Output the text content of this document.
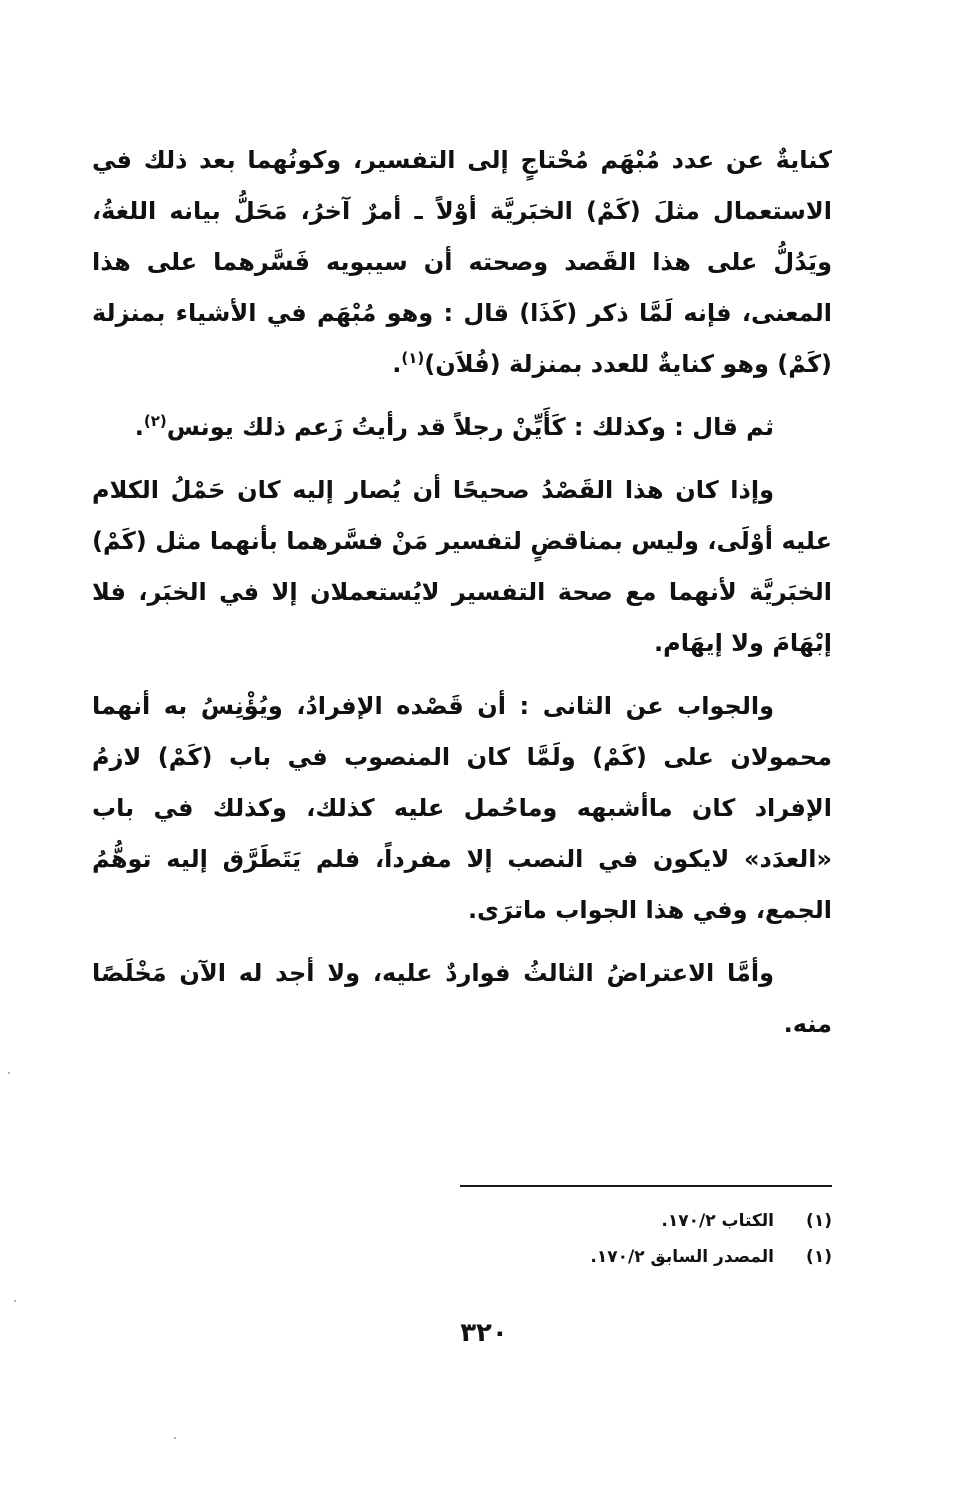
كنايةٌ عن عدد مُبْهَم مُحْتاجٍ إلى التفسير، وكونُهما بعد ذلك في الاستعمال مثلَ (كَمْ) الخبَريَّة أوْلاً ـ أمرٌ آخرُ، مَحَلُّ بيانه اللغةُ، ويَدُلُّ على هذا القَصد وصحته أن سيبويه فَسَّرهما على هذا المعنى، فإنه لَمَّا ذكر (كَذَا) قال : وهو مُبْهَم في الأشياء بمنزلة (كَمْ) وهو كنايةٌ للعدد بمنزلة (فُلاَن)$^{(١)}$.

ثم قال : وكذلك : كَأَيِّنْ رجلاً قد رأيتُ زَعم ذلك يونس$^{(٢)}$.

وإذا كان هذا القَصْدُ صحيحًا أن يُصار إليه كان حَمْلُ الكلام عليه أوْلَى، وليس بمناقضٍ لتفسير مَنْ فسَّرهما بأنهما مثل (كَمْ) الخبَريَّة لأنهما مع صحة التفسير لايُستعملان إلا في الخبَر، فلا إبْهَامَ ولا إيهَام.

والجواب عن الثانى : أن قَصْده الإفرادُ، ويُؤْنِسُ به أنهما محمولان على (كَمْ) ولَمَّا كان المنصوب في باب (كَمْ) لازمُ الإفراد كان ماأشبهه وماحُمل عليه كذلك، وكذلك في باب «العدَد» لايكون في النصب إلا مفرداً، فلم يَتَطَرَّق إليه توهُّمُ الجمع، وفي هذا الجواب ماترَى.

وأمَّا الاعتراضُ الثالثُ فواردٌ عليه، ولا أجد له الآن مَخْلَصًا منه.

(١)
الكتاب ١٧٠/٢.
(١)
المصدر السابق ١٧٠/٢.
٣٢٠
